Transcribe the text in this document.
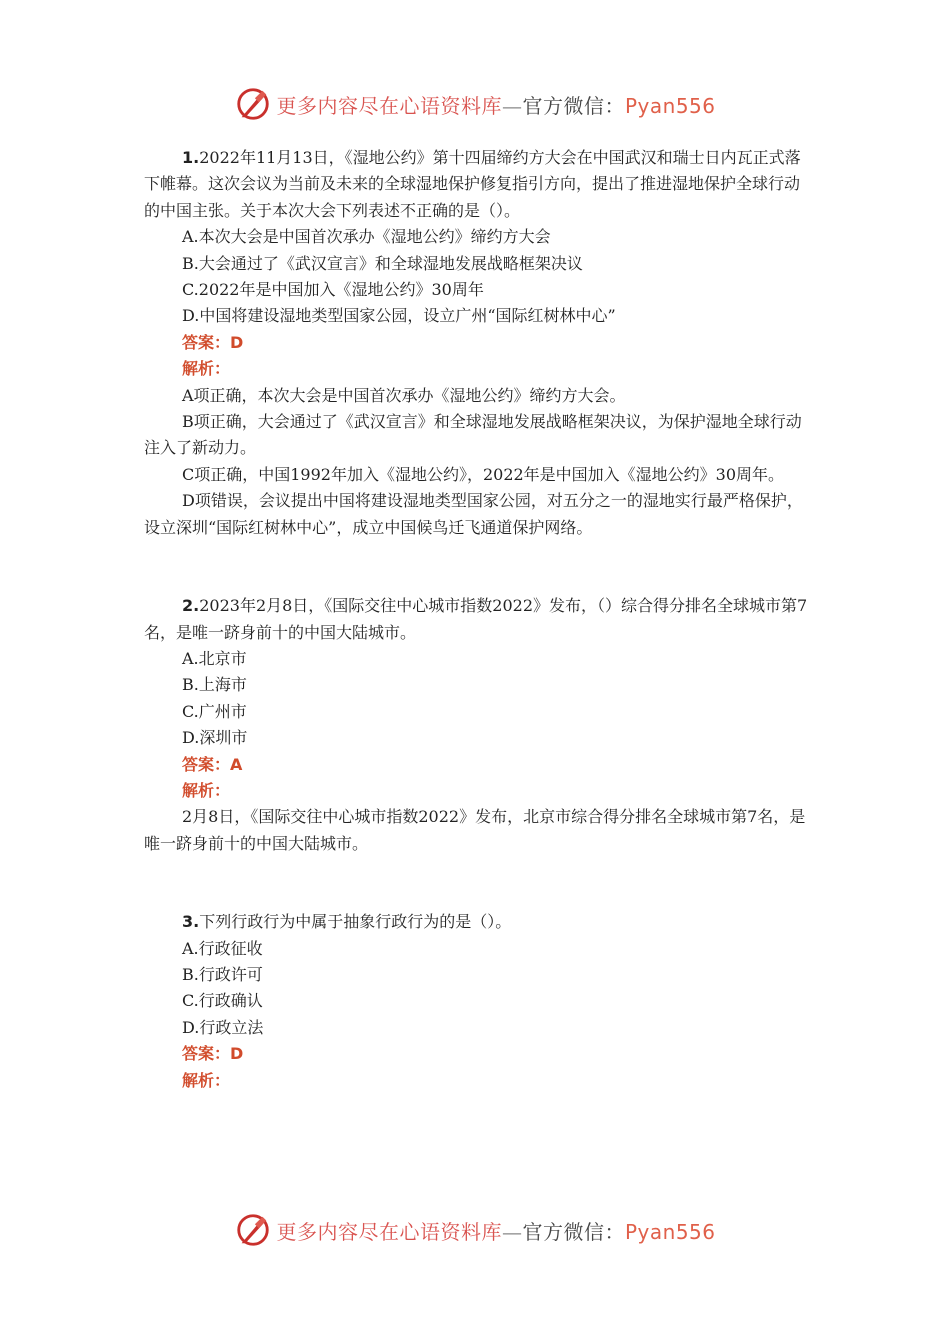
更多内容尽在心语资料库—官方微信：Pyan556

1.2022年11月13日，《湿地公约》第十四届缔约方大会在中国武汉和瑞士日内瓦正式落下帷幕。这次会议为当前及未来的全球湿地保护修复指引方向，提出了推进湿地保护全球行动的中国主张。关于本次大会下列表述不正确的是（）。

A.本次大会是中国首次承办《湿地公约》缔约方大会

B.大会通过了《武汉宣言》和全球湿地发展战略框架决议

C.2022年是中国加入《湿地公约》30周年

D.中国将建设湿地类型国家公园，设立广州“国际红树林中心”

答案：D

解析：

A项正确，本次大会是中国首次承办《湿地公约》缔约方大会。

B项正确，大会通过了《武汉宣言》和全球湿地发展战略框架决议，为保护湿地全球行动注入了新动力。

C项正确，中国1992年加入《湿地公约》，2022年是中国加入《湿地公约》30周年。

D项错误，会议提出中国将建设湿地类型国家公园，对五分之一的湿地实行最严格保护，设立深圳“国际红树林中心”，成立中国候鸟迁飞通道保护网络。

2.2023年2月8日，《国际交往中心城市指数2022》发布，（）综合得分排名全球城市第7名，是唯一跻身前十的中国大陆城市。

A.北京市

B.上海市

C.广州市

D.深圳市

答案：A

解析：

2月8日，《国际交往中心城市指数2022》发布，北京市综合得分排名全球城市第7名，是唯一跻身前十的中国大陆城市。

3.下列行政行为中属于抽象行政行为的是（）。

A.行政征收

B.行政许可

C.行政确认

D.行政立法

答案：D

解析：

更多内容尽在心语资料库—官方微信：Pyan556
